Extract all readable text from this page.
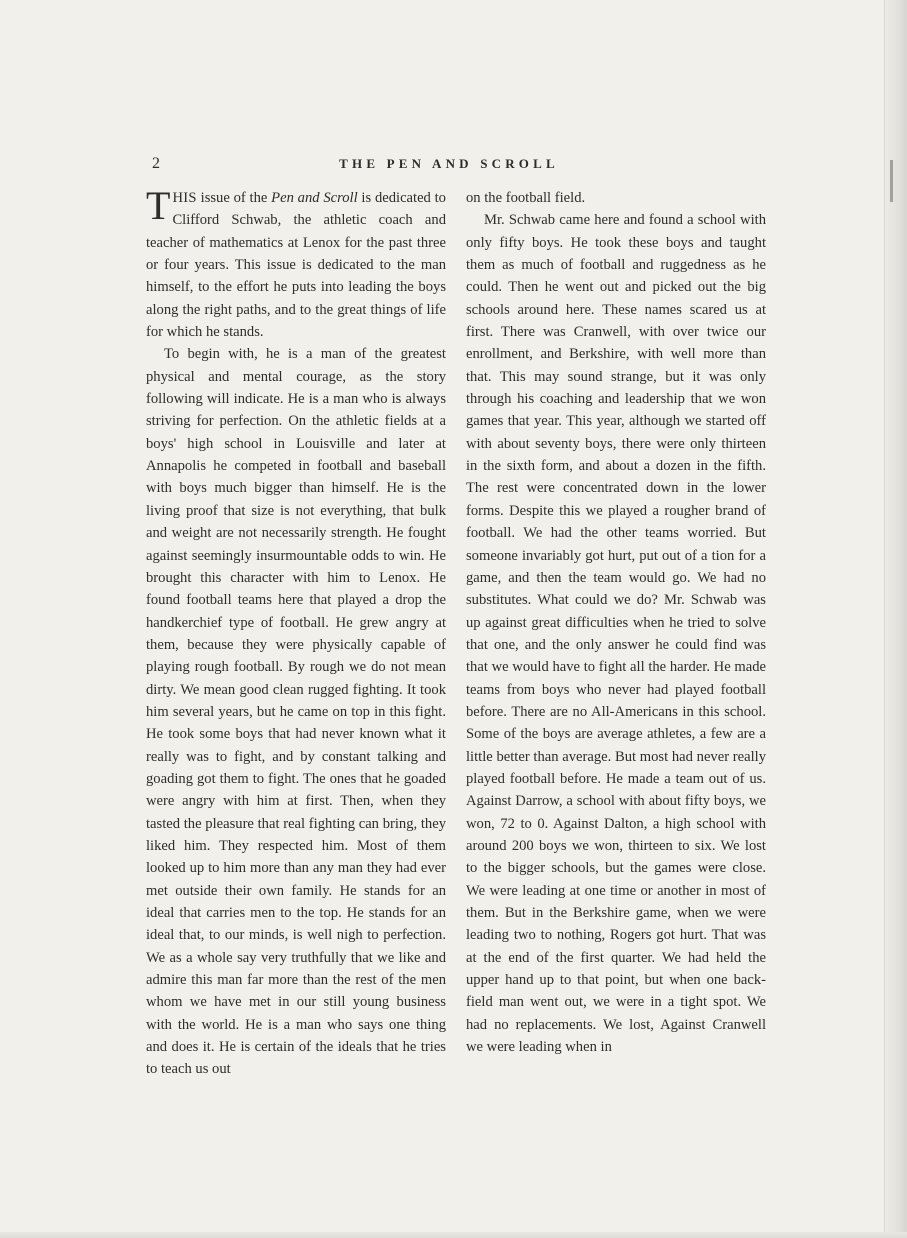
2	THE PEN AND SCROLL

THIS issue of the Pen and Scroll is dedicated to Clifford Schwab, the athletic coach and teacher of mathematics at Lenox for the past three or four years. This issue is dedicated to the man himself, to the effort he puts into leading the boys along the right paths, and to the great things of life for which he stands.

To begin with, he is a man of the greatest physical and mental courage, as the story following will indicate. He is a man who is always striving for perfection. On the athletic fields at a boys' high school in Louisville and later at Annapolis he competed in football and baseball with boys much bigger than himself. He is the living proof that size is not everything, that bulk and weight are not necessarily strength. He fought against seemingly insurmountable odds to win. He brought this character with him to Lenox. He found football teams here that played a drop the handkerchief type of football. He grew angry at them, because they were physically capable of playing rough football. By rough we do not mean dirty. We mean good clean rugged fighting. It took him several years, but he came on top in this fight. He took some boys that had never known what it really was to fight, and by constant talking and goading got them to fight. The ones that he goaded were angry with him at first. Then, when they tasted the pleasure that real fighting can bring, they liked him. They respected him. Most of them looked up to him more than any man they had ever met outside their own family. He stands for an ideal that carries men to the top. He stands for an ideal that, to our minds, is well nigh to perfection. We as a whole say very truthfully that we like and admire this man far more than the rest of the men whom we have met in our still young business with the world. He is a man who says one thing and does it. He is certain of the ideals that he tries to teach us out

on the football field.

Mr. Schwab came here and found a school with only fifty boys. He took these boys and taught them as much of football and ruggedness as he could. Then he went out and picked out the big schools around here. These names scared us at first. There was Cranwell, with over twice our enrollment, and Berkshire, with well more than that. This may sound strange, but it was only through his coaching and leadership that we won games that year. This year, although we started off with about seventy boys, there were only thirteen in the sixth form, and about a dozen in the fifth. The rest were concentrated down in the lower forms. Despite this we played a rougher brand of football. We had the other teams worried. But someone invariably got hurt, put out of a tion for a game, and then the team would go. We had no substitutes. What could we do? Mr. Schwab was up against great difficulties when he tried to solve that one, and the only answer he could find was that we would have to fight all the harder. He made teams from boys who never had played football before. There are no All-Americans in this school. Some of the boys are average athletes, a few are a little better than average. But most had never really played football before. He made a team out of us. Against Darrow, a school with about fifty boys, we won, 72 to 0. Against Dalton, a high school with around 200 boys we won, thirteen to six. We lost to the bigger schools, but the games were close. We were leading at one time or another in most of them. But in the Berkshire game, when we were leading two to nothing, Rogers got hurt. That was at the end of the first quarter. We had held the upper hand up to that point, but when one backfield man went out, we were in a tight spot. We had no replacements. We lost, Against Cranwell we were leading when in
